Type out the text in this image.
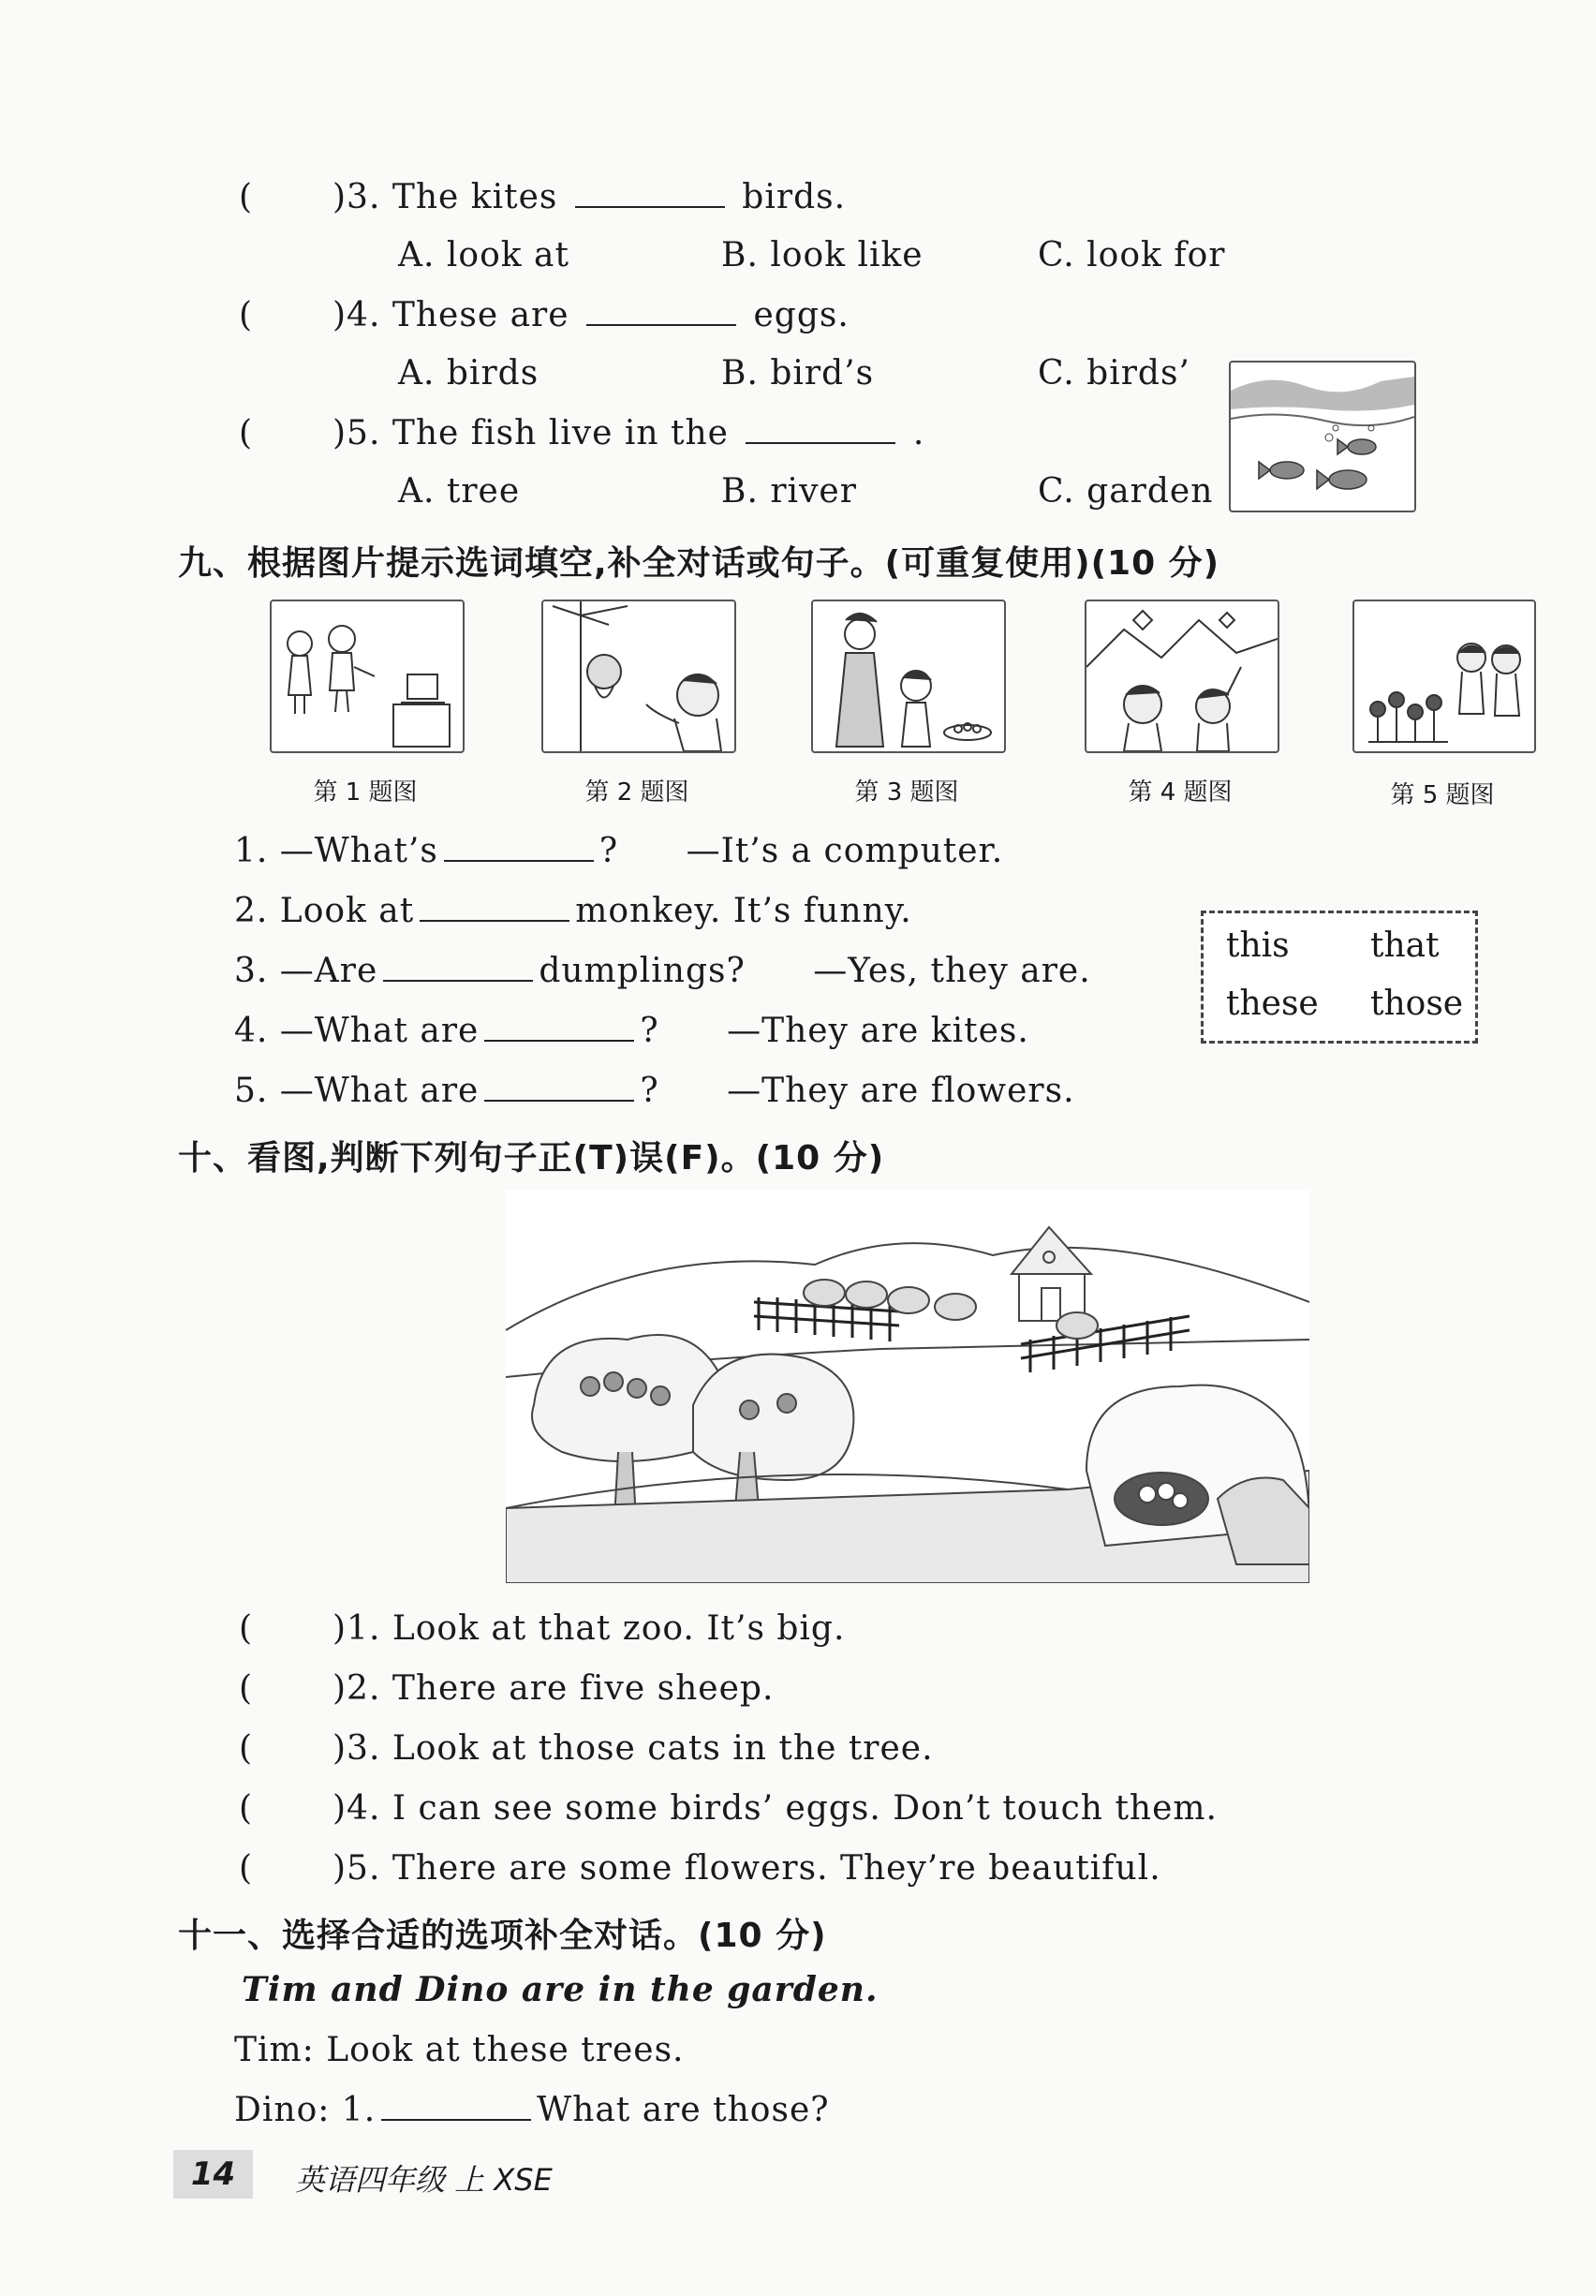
( )3. The kites	birds.
A. look at	B. look like	C. look for
( )4. These are	eggs.
A. birds	B. bird’s	C. birds’
( )5. The fish live in the	.
A. tree	B. river	C. garden
九、根据图片提示选词填空,补全对话或句子。(可重复使用)(10 分)
第 1 题图	第 2 题图	第 3 题图	第 4 题图	第 5 题图
1. —What’s	? —It’s a computer.
2. Look at	monkey. It’s funny.
3. —Are	dumplings? —Yes, they are.
4. —What are	? —They are kites.
5. —What are	? —They are flowers.
this that
these those
十、看图,判断下列句子正(T)误(F)。(10 分)
( )1. Look at that zoo. It’s big.
( )2. There are five sheep.
( )3. Look at those cats in the tree.
( )4. I can see some birds’ eggs. Don’t touch them.
( )5. There are some flowers. They’re beautiful.
十一、选择合适的选项补全对话。(10 分)
Tim and Dino are in the garden.
Tim: Look at these trees.
Dino: 1.	What are those?
14	英语四年级 上 XSE
